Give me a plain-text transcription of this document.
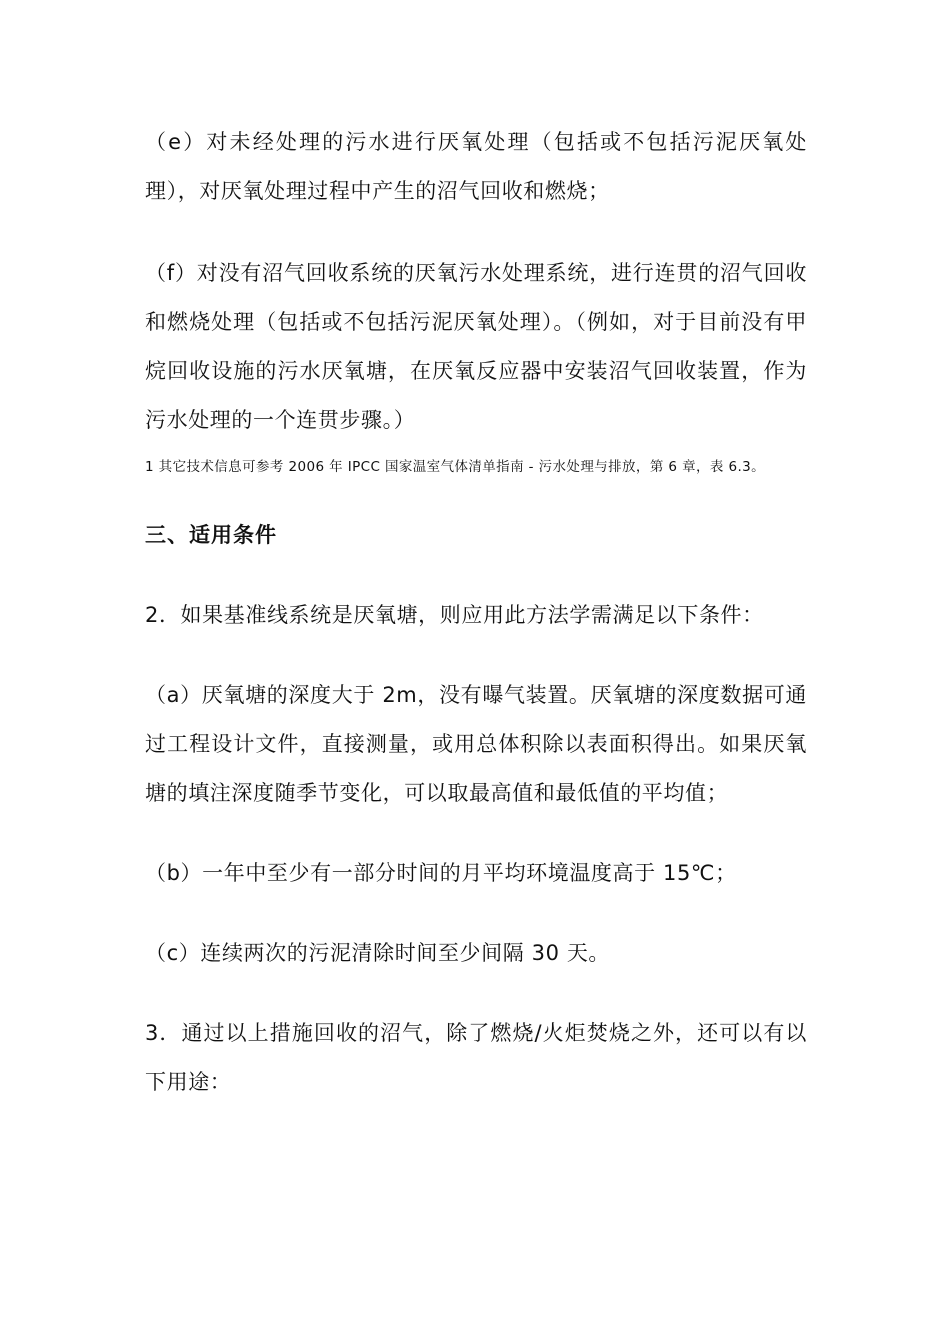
（e）对未经处理的污水进行厌氧处理（包括或不包括污泥厌氧处理），对厌氧处理过程中产生的沼气回收和燃烧；

（f）对没有沼气回收系统的厌氧污水处理系统，进行连贯的沼气回收和燃烧处理（包括或不包括污泥厌氧处理）。（例如，对于目前没有甲烷回收设施的污水厌氧塘，在厌氧反应器中安装沼气回收装置，作为污水处理的一个连贯步骤。）

1 其它技术信息可参考 2006 年 IPCC 国家温室气体清单指南 - 污水处理与排放，第 6 章，表 6.3。

三、适用条件

2．如果基准线系统是厌氧塘，则应用此方法学需满足以下条件：

（a）厌氧塘的深度大于 2m，没有曝气装置。厌氧塘的深度数据可通过工程设计文件，直接测量，或用总体积除以表面积得出。如果厌氧塘的填注深度随季节变化，可以取最高值和最低值的平均值；

（b）一年中至少有一部分时间的月平均环境温度高于 15℃；

（c）连续两次的污泥清除时间至少间隔 30 天。

3．通过以上措施回收的沼气，除了燃烧/火炬焚烧之外，还可以有以下用途：
